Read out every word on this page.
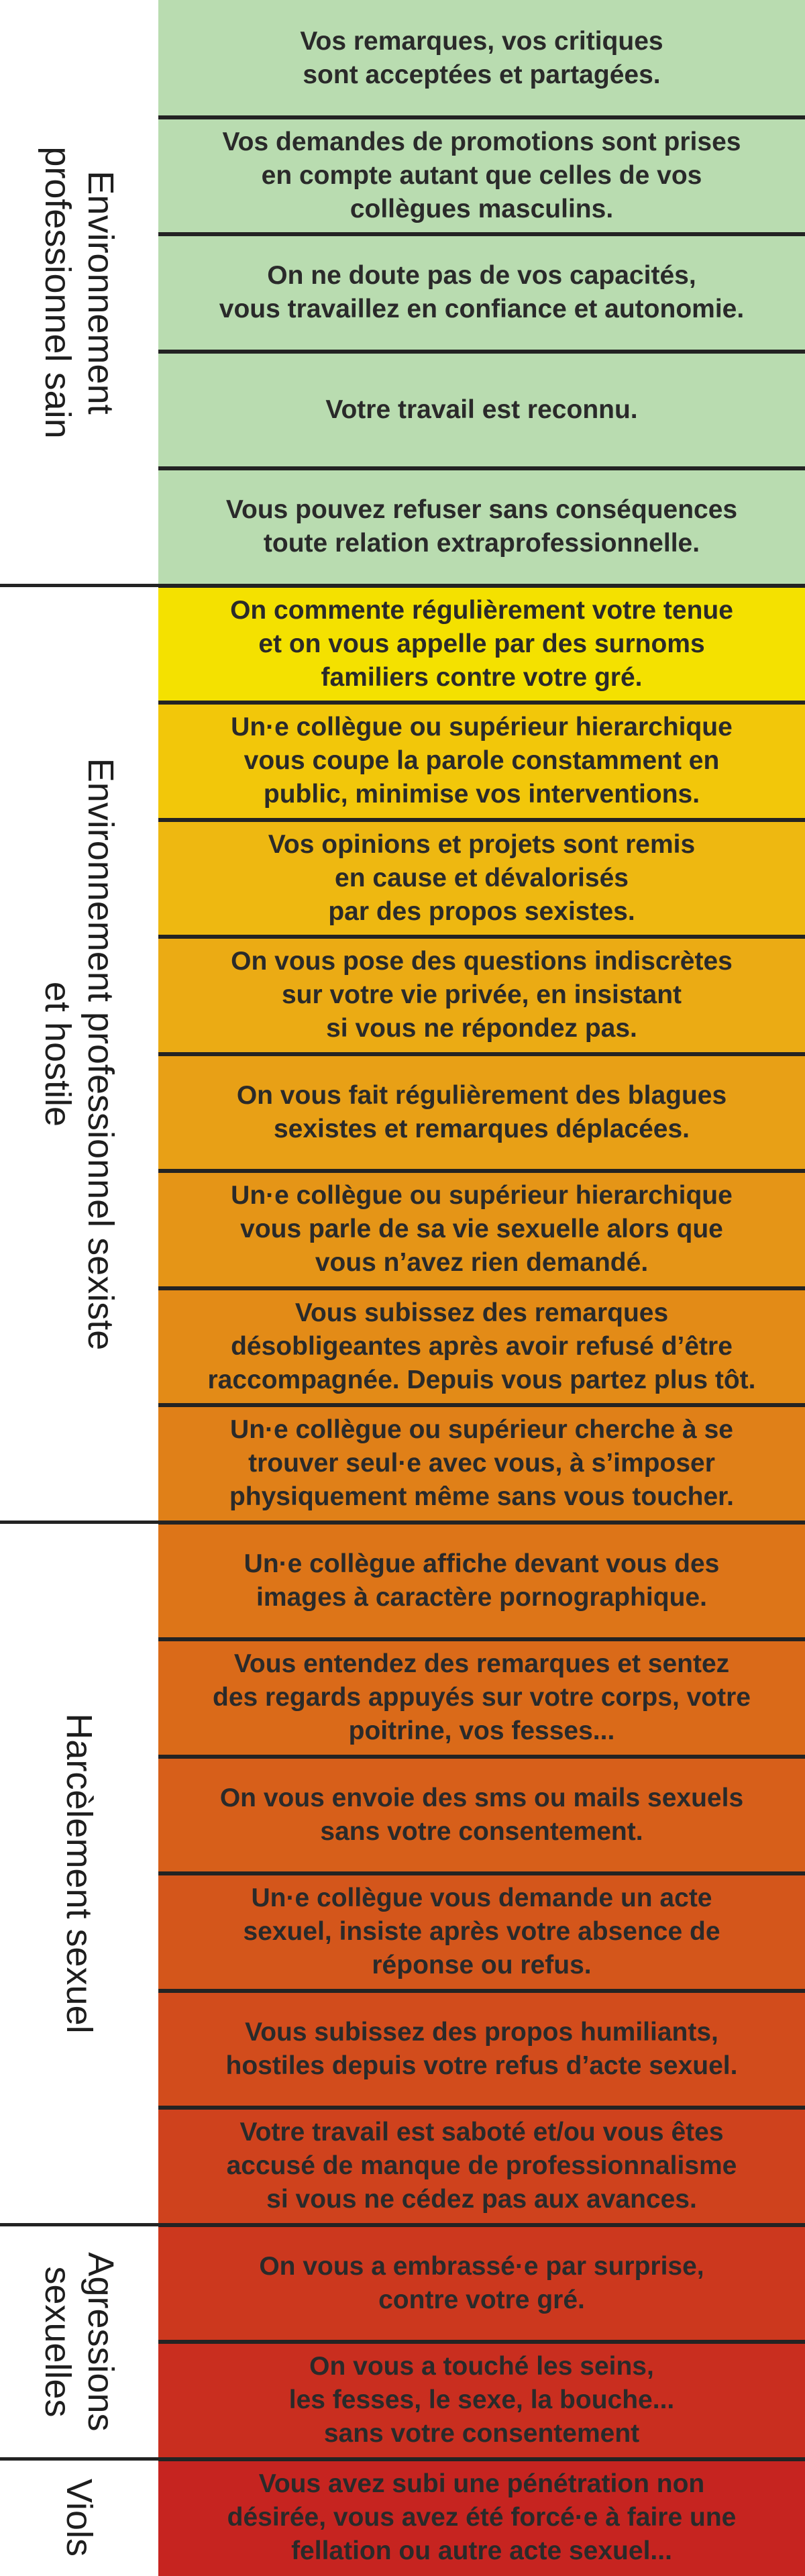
Vos remarques, vos critiques
sont acceptées et partagées.
Vos demandes de promotions sont prises
en compte autant que celles de vos
collègues masculins.
On ne doute pas de vos capacités,
vous travaillez en confiance et autonomie.
Votre travail est reconnu.
Vous pouvez refuser sans conséquences
toute relation extraprofessionnelle.
On commente régulièrement votre tenue
et on vous appelle par des surnoms
familiers contre votre gré.
Un·e collègue ou supérieur hierarchique
vous coupe la parole constamment en
public, minimise vos interventions.
Vos opinions et projets sont remis
en cause et dévalorisés
par des propos sexistes.
On vous pose des questions indiscrètes
sur votre vie privée, en insistant
si vous ne répondez pas.
On vous fait régulièrement des blagues
sexistes et remarques déplacées.
Un·e collègue ou supérieur hierarchique
vous parle de sa vie sexuelle alors que
vous n’avez rien demandé.
Vous subissez des remarques
désobligeantes après avoir refusé d’être
raccompagnée. Depuis vous partez plus tôt.
Un·e collègue ou supérieur cherche à se
trouver seul·e avec vous, à s’imposer
physiquement même sans vous toucher.
Un·e collègue affiche devant vous des
images à caractère pornographique.
Vous entendez des remarques et sentez
des regards appuyés sur votre corps, votre
poitrine, vos fesses...
On vous envoie des sms ou mails sexuels
sans votre consentement.
Un·e collègue vous demande un acte
sexuel, insiste après votre absence de
réponse ou refus.
Vous subissez des propos humiliants,
hostiles depuis votre refus d’acte sexuel.
Votre travail est saboté et/ou vous êtes
accusé de manque de professionnalisme
si vous ne cédez pas aux avances.
On vous a embrassé·e par surprise,
contre votre gré.
On vous a touché les seins,
les fesses, le sexe, la bouche...
sans votre consentement
Vous avez subi une pénétration non
désirée, vous avez été forcé·e à faire une
fellation ou autre acte sexuel...
Environnement
professionnel sain
Environnement professionnel sexiste
et hostile
Harcèlement sexuel
Agressions
sexuelles
Viols
